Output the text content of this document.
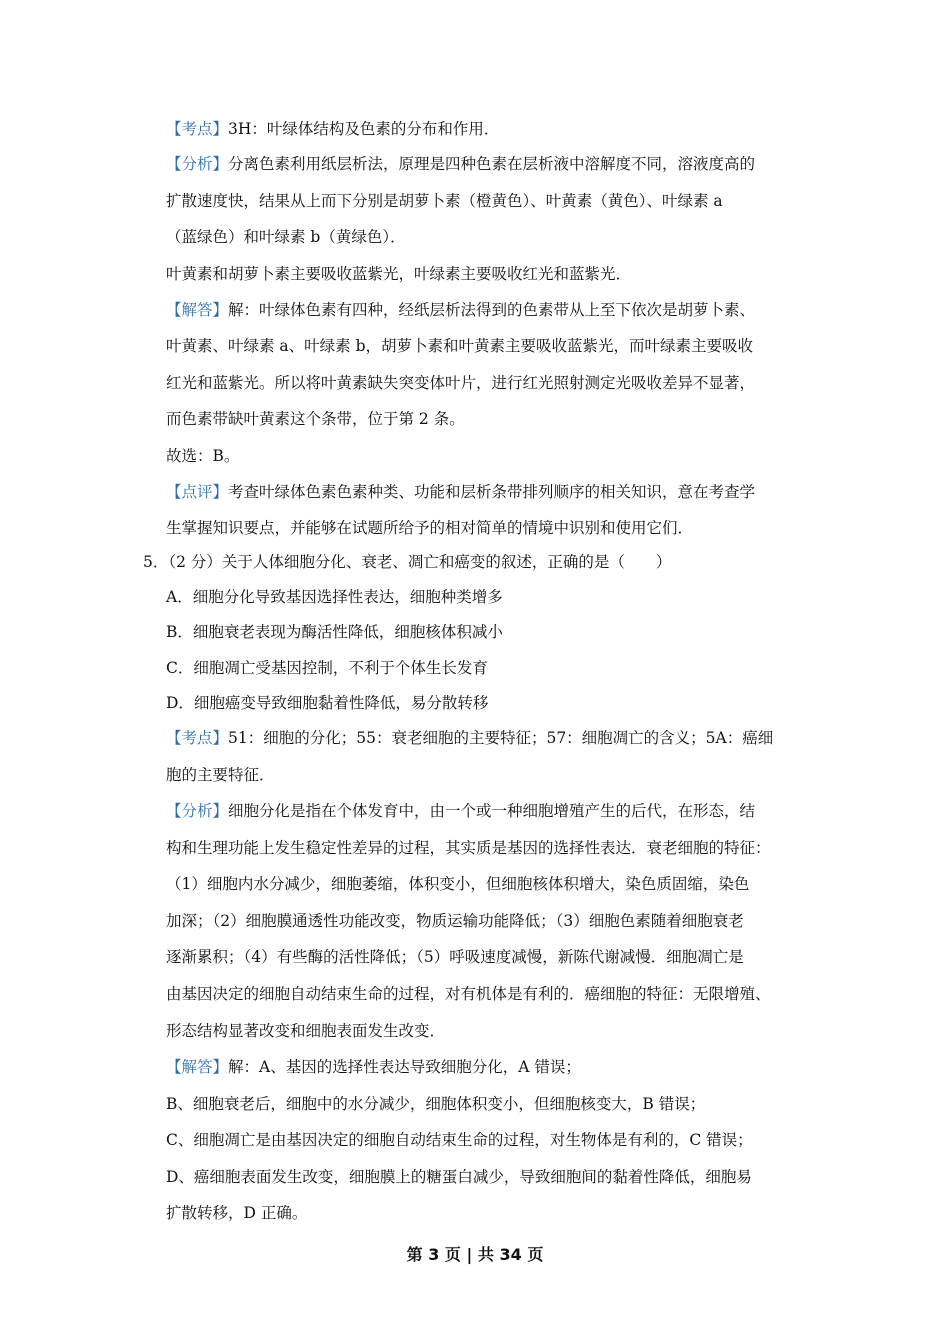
【考点】3H：叶绿体结构及色素的分布和作用．
【分析】分离色素利用纸层析法，原理是四种色素在层析液中溶解度不同，溶液度高的
扩散速度快，结果从上而下分别是胡萝卜素（橙黄色）、叶黄素（黄色）、叶绿素 a
（蓝绿色）和叶绿素 b（黄绿色）．
叶黄素和胡萝卜素主要吸收蓝紫光，叶绿素主要吸收红光和蓝紫光．
【解答】解：叶绿体色素有四种，经纸层析法得到的色素带从上至下依次是胡萝卜素、
叶黄素、叶绿素 a、叶绿素 b，胡萝卜素和叶黄素主要吸收蓝紫光，而叶绿素主要吸收
红光和蓝紫光。所以将叶黄素缺失突变体叶片，进行红光照射测定光吸收差异不显著，
而色素带缺叶黄素这个条带，位于第 2 条。
故选：B。
【点评】考查叶绿体色素色素种类、功能和层析条带排列顺序的相关知识，意在考查学
生掌握知识要点，并能够在试题所给予的相对简单的情境中识别和使用它们．
5．（2 分）关于人体细胞分化、衰老、凋亡和癌变的叙述，正确的是（　　）
A．细胞分化导致基因选择性表达，细胞种类增多
B．细胞衰老表现为酶活性降低，细胞核体积减小
C．细胞凋亡受基因控制，不利于个体生长发育
D．细胞癌变导致细胞黏着性降低，易分散转移
【考点】51：细胞的分化；55：衰老细胞的主要特征；57：细胞凋亡的含义；5A：癌细
胞的主要特征．
【分析】细胞分化是指在个体发育中，由一个或一种细胞增殖产生的后代，在形态，结
构和生理功能上发生稳定性差异的过程，其实质是基因的选择性表达．衰老细胞的特征：
（1）细胞内水分减少，细胞萎缩，体积变小，但细胞核体积增大，染色质固缩，染色
加深；（2）细胞膜通透性功能改变，物质运输功能降低；（3）细胞色素随着细胞衰老
逐渐累积；（4）有些酶的活性降低；（5）呼吸速度减慢，新陈代谢减慢．细胞凋亡是
由基因决定的细胞自动结束生命的过程，对有机体是有利的．癌细胞的特征：无限增殖、
形态结构显著改变和细胞表面发生改变．
【解答】解：A、基因的选择性表达导致细胞分化，A 错误；
B、细胞衰老后，细胞中的水分减少，细胞体积变小，但细胞核变大，B 错误；
C、细胞凋亡是由基因决定的细胞自动结束生命的过程，对生物体是有利的，C 错误；
D、癌细胞表面发生改变，细胞膜上的糖蛋白减少，导致细胞间的黏着性降低，细胞易
扩散转移，D 正确。
第 3 页 | 共 34 页
